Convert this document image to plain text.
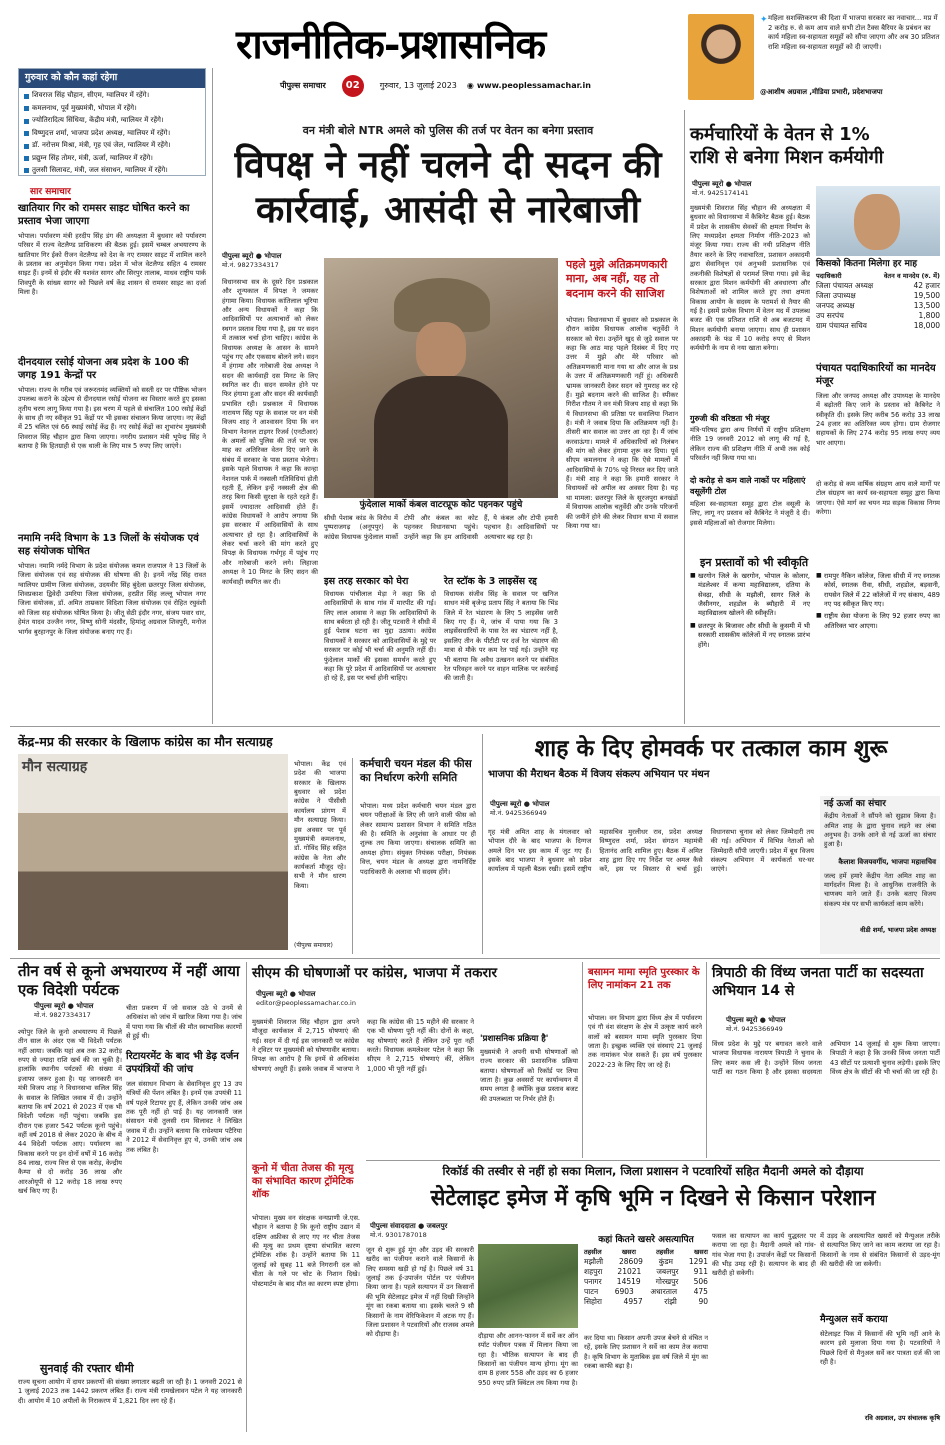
राजनीतिक-प्रशासनिक
पीपुल्स समाचार	02	गुरुवार, 13 जुलाई 2023 ◉ www.peoplessamachar.in
✦ महिला सशक्तिकरण की दिशा में भाजपा सरकार का नवाचार... मप्र में 2 करोड़ रु. से कम आय वाले सभी टोल टैक्स बैरियर के प्रबंधन का कार्य महिला स्व-सहायता समूहों को सौंपा जाएगा और अब 30 प्रतिशत राशि महिला स्व-सहायता समूहों को दी जाएगी।
@आशीष अग्रवाल ,मीडिया प्रभारी, प्रदेशभाजपा
गुरुवार को कौन कहां रहेगा
शिवराज सिंह चौहान, सीएम, ग्वालियर में रहेंगे।
कमलनाथ, पूर्व मुख्यमंत्री, भोपाल में रहेंगे।
ज्योतिरादित्य सिंधिया, केंद्रीय मंत्री, ग्वालियर में रहेंगे।
विष्णुदत्त शर्मा, भाजपा प्रदेश अध्यक्ष, ग्वालियर में रहेंगे।
डॉ. नरोत्तम मिश्रा, मंत्री, गृह एवं जेल, ग्वालियर में रहेंगे।
प्रद्युम्न सिंह तोमर, मंत्री, ऊर्जा, ग्वालियर में रहेंगे।
तुलसी सिलावट, मंत्री, जल संसाधन, ग्वालियर में रहेंगे।
सार समाचार
खातियार गिर को रामसर साइट घोषित करने का प्रस्ताव भेजा जाएगा
भोपाल। पर्यावरण मंत्री हरदीप सिंह डंग की अध्यक्षता में बुधवार को पर्यावरण परिसर में राज्य वेटलैण्ड प्राधिकरण की बैठक हुई। इसमें चम्बल अभयारण्य के खातियार गिर ईको रीजन वेटलैण्ड को देश के नए रामसर साइट में शामिल करने के प्रस्ताव का अनुमोदन किया गया। प्रदेश में भोज वेटलैण्ड सहित 4 रामसर साइट हैं। इनमें से इंदौर की यशवंत सागर और सिरपुर तालाब, माधव राष्ट्रीय पार्क शिवपुरी के सांख्य सागर को पिछले वर्ष केंद्र शासन से रामसर साइट का दर्जा मिला है।
दीनदयाल रसोई योजना अब प्रदेश के 100 की जगह 191 केन्द्रों पर
भोपाल। राज्य के गरीब एवं जरूरतमंद व्यक्तियों को सस्ती दर पर पौष्टिक भोजन उपलब्ध कराने के उद्देश्य से दीनदयाल रसोई योजना का विस्तार करते हुए इसका तृतीय चरण लागू किया गया है। इस चरण में पहले से संचालित 100 रसोई केंद्रों के साथ ही नए स्वीकृत 91 केंद्रों पर भी इसका संचालन किया जाएगा। नए केंद्रों में 25 चलित एवं 66 स्थाई रसोई केंद्र हैं। नए रसोई केंद्रों का शुभारंभ मुख्यमंत्री शिवराज सिंह चौहान द्वारा किया जाएगा। नगरीय प्रशासन मंत्री भूपेन्द्र सिंह ने बताया है कि हितग्राही से एक थाली के लिए मात्र 5 रुपए लिए जाएंगे।
नमामि नर्मदे विभाग के 13 जिलों के संयोजक एवं सह संयोजक घोषित
भोपाल। नमामि नर्मदे विभाग के प्रदेश संयोजक कमल राजपाल ने 13 जिलों के जिला संयोजक एवं सह संयोजक की घोषणा की है। इनमें नरेंद्र सिंह रावत ग्वालियर ग्रामीण जिला संयोजक, उदयवीर सिंह बुंदेला छतरपुर जिला संयोजक, शिवप्रकाश द्विवेदी उमरिया जिला संयोजक, हरप्रीत सिंह लल्लू भोपाल नगर जिला संयोजक, डॉ. अमित ताम्रकार विदिशा जिला संयोजक एवं रोहित रघुवंशी को जिला सह संयोजक घोषित किया है। जीतू सेठी इंदौर नगर, संजय पवार धार, हेमंत यादव उज्जैन नगर, विष्णु सोनी मंदसौर, हिमांशु अग्रवाल शिवपुरी, मनोज भार्गव बुरहानपुर के जिला संयोजक बनाए गए हैं।
वन मंत्री बोले NTR अमले को पुलिस की तर्ज पर वेतन का बनेगा प्रस्ताव
विपक्ष ने नहीं चलने दी सदन की
कार्रवाई, आसंदी से नारेबाजी
पीपुल्स ब्यूरो ● भोपाल
मो.नं. 9827334317
विधानसभा सत्र के दूसरे दिन प्रश्नकाल और शून्यकाल में विपक्ष ने जमकर हंगामा किया। विधायक कांतिलाल भूरिया और अन्य विधायकों ने कहा कि आदिवासियों पर अत्याचारों को लेकर स्थगन प्रस्ताव दिया गया है, इस पर सदन में तत्काल चर्चा होना चाहिए। कांग्रेस के विधायक अध्यक्ष के आसन के सामने पहुंच गए और एकसाथ बोलने लगे। सदन में हंगामा और नारेबाजी देख अध्यक्ष ने सदन की कार्यवाही दस मिनट के लिए स्थगित कर दी। सदन समवेत होने पर फिर हंगामा हुआ और सदन की कार्यवाही प्रभावित रही। प्रश्नकाल में विधायक नारायण सिंह पट्टा के सवाल पर वन मंत्री विजय शाह ने आश्वासन दिया कि वन विभाग नेशनल टाइगर रिजर्व (एनटीआर) के अमलों को पुलिस की तर्ज पर एक माह का अतिरिक्त वेतन दिए जाने के संबंध में सरकार के पास प्रस्ताव भेजेगा। इसके पहले विधायक ने कहा कि कान्हा नेशनल पार्क में नक्सली गतिविधियां होती रहती हैं, लेकिन इन्हें नक्सली क्षेत्र की तरह बिना किसी सुरक्षा के रहते रहते हैं। इसमें ज्यादातर आदिवासी होते हैं। कांग्रेस विधायकों ने आरोप लगाया कि इस सरकार में आदिवासियों के साथ अत्याचार हो रहा है। आदिवासियों के लेकर चर्चा करने की मांग करते हुए विपक्ष के विधायक गर्भगृह में पहुंच गए और नारेबाजी करने लगे। लिहाजा अध्यक्ष ने 10 मिनट के लिए सदन की कार्यवाही स्थगित कर दी।
फुंदेलाल मार्को कंबल वाटरप्रूफ कोट पहनकर पहुंचे
सीधी पेशाब कांड के विरोध में पुष्पराजगढ़ (अनूपपुर) के कांग्रेस विधायक फुंदेलाल मार्को टोपी और कंबल का कोट पहनकर विधानसभा पहुंचे। उन्होंने कहा कि हम आदिवासी हैं, ये कंबल और टोपी हमारी पहचान है। आदिवासियों पर अत्याचार बढ़ रहा है।
इस तरह सरकार को घेरा
विधायक पांचीलाल मेड़ा ने कहा कि दो आदिवासियों के साथ गांव में मारपीट की गई। लिए लाल आवास ने कहा कि आदिवासियों के साथ बर्बरता हो रही है। जीतू पटवारी ने सीधी में हुई पेशाब घटना का मुद्दा उठाया। कांग्रेस विधायकों ने सरकार को आदिवासियों के मुद्दे पर सरकार पर कोई भी चर्चा की अनुमति नहीं दी। फुंदेलाल मार्को की इसका समर्थन करते हुए कहा कि पूरे प्रदेश में आदिवासियों पर अत्याचार हो रहे हैं, इस पर चर्चा होनी चाहिए।
रेत स्टॉक के 3 लाइसेंस रद्द
विधायक संजीव सिंह के सवाल पर खनिज साधन मंत्री बृजेन्द्र प्रताप सिंह ने बताया कि भिंड जिले में रेत भंडारण के लिए 5 लाइसेंस जारी किए गए हैं। ये, जांच में पाया गया कि 3 लाइसेंसधारियों के पास रेत का भंडारण नहीं है, इसलिए तीन के पीटीटी पर दर्ज रेत भंडारण की मात्रा से मौके पर कम रेत पाई गई। उन्होंने यह भी बताया कि अवैध उत्खनन करने पर संबंधित रेत परिवहन करने पर वाहन मालिक पर कार्रवाई की जाती है।
पहले मुझे अतिक्रमणकारी माना, अब नहीं, यह तो बदनाम करने की साजिश
भोपाल। विधानसभा में बुधवार को प्रश्नकाल के दौरान कांग्रेस विधायक आलोक चतुर्वेदी ने सरकार को घेरा। उन्होंने खुद से जुड़े सवाल पर कहा कि आठ माह पहले दिसंबर में दिए गए उत्तर में मुझे और मेरे परिवार को अतिक्रमणकारी माना गया था और आज के प्रश्न के उत्तर में अतिक्रमणकारी नहीं हूं। अधिकारी भ्रामक जानकारी देकर सदन को गुमराह कर रहे हैं। मुझे बदनाम करने की साजिश है। स्पीकर गिरीश गौतम ने वन मंत्री विजय शाह से कहा कि ये विधानसभा की प्रतिष्ठा पर सवालिया निशान है। मंत्री ने जवाब दिया कि अतिक्रमण नहीं है। तीसरी बार सवाल का उत्तर आ रहा है। मैं जांच करवाऊंगा। मामले में अधिकारियों को निलंबन की मांग को लेकर हंगामा शुरू कर दिया। पूर्व सीएम कमलनाथ ने कहा कि ऐसे मामलों में आदिवासियों के 70% पट्टे निरस्त कर दिए जाते हैं। मंत्री शाह ने कहा कि हमारी सरकार ने विधायकों को अपील का अवसर दिया है। यह था मामला: छतरपुर जिले के सूरजपुरा बनखंडों में विधायक आलोक चतुर्वेदी और उनके परिजनों की जमीनें होने की लेकर विधान सभा में सवाल किया गया था।
कर्मचारियों के वेतन से 1%
राशि से बनेगा मिशन कर्मयोगी
पीपुल्स ब्यूरो ● भोपाल
मो.नं. 9425174141
मुख्यमंत्री शिवराज सिंह चौहान की अध्यक्षता में बुधवार को विधानसभा में कैबिनेट बैठक हुई। बैठक में प्रदेश के शासकीय सेवकों की क्षमता निर्माण के लिए मध्यप्रदेश क्षमता निर्माण नीति-2023 को मंजूर किया गया। राज्य की नयी प्रशिक्षण नीति तैयार करने के लिए नवाचारिता, प्रशासन अकादमी द्वारा सेवानिवृत्त एवं अनुभवी प्रशासनिक एवं तकनीकी विशेषज्ञों से परामर्श लिया गया। इसे केंद्र सरकार द्वारा मिशन कर्मयोगी की अवधारणा और विशेषताओं को शामिल करते हुए तथा क्षमता विकास आयोग के सदस्य के परामर्श से तैयार की गई है। इसमें प्रत्येक विभाग में वेतन मद में उपलब्ध बजट की एक प्रतिशत राशि से अब बजटमद में मिशन कर्मयोगी बनाया जाएगा। साथ ही प्रशासन अकादमी के फंड में 10 करोड़ रुपए से मिशन कर्मयोगी के नाम से नया खाता बनेगा।
गुरुजी की वरिष्ठता भी मंजूर
मंत्रि-परिषद द्वारा अन्य निर्णयों में राष्ट्रीय प्रशिक्षण नीति 19 जनवरी 2012 को लागू की गई है, लेकिन राज्य की प्रशिक्षण नीति में अभी तक कोई परिवर्तन नहीं किया गया था।
दो करोड़ से कम वाले नाकों पर महिलाएं वसूलेंगी टोल
महिला स्व-सहायता समूह द्वारा टोल वसूली के लिए, लागू नए प्रस्ताव को कैबिनेट ने मंजूरी दे दी। इससे महिलाओं को रोजगार मिलेगा।
किसको कितना मिलेगा हर माह
पदाधिकारी	वेतन व मानदेय (रु. में)
जिला पंचायत अध्यक्ष	42 हजार
जिला उपाध्यक्ष	19,500
जनपद अध्यक्ष	13,500
उप सरपंच	1,800
ग्राम पंचायत सचिव	18,000
पंचायत पदाधिकारियों का मानदेय मंजूर
जिला और जनपद अध्यक्ष और उपाध्यक्ष के मानदेय में बढ़ोतरी किए जाने के प्रस्ताव को कैबिनेट ने स्वीकृति दी। इसके लिए करीब 56 करोड़ 33 लाख 24 हजार का अतिरिक्त व्यय होगा। ग्राम रोजगार सहायकों के लिए 274 करोड़ 95 लाख रुपए व्यय भार आएगा।
दो करोड़ से कम वार्षिक संग्रहण आय वाले मार्गों पर टोल संग्रहण का कार्य स्व-सहायता समूह द्वारा किया जाएगा। ऐसे मार्ग का चयन मप्र सड़क विकास निगम करेगा।
इन प्रस्तावों को भी स्वीकृति
■ खरगोन जिले के खरगोन, भोपाल के कोलार, मंडलेश्वर में कन्या महाविद्यालय, दतिया के सेवढ़ा, सीधी के मझौली, सागर जिले के जैसीनगर, शहडोल के ब्यौहारी में नए महाविद्यालय खोलने की स्वीकृति।
■ छतरपुर के बिजावर और सीधी के कुसमी में भी सरकारी शासकीय कॉलेजों में नए स्नातक प्रारंभ होंगे।
■ रामपुर नैकिन कॉलेज, जिला सीधी में नए स्नातक कोर्स, स्नातक रीवा, सीधी, शहडोल, बड़वानी, रायसेन जिले में 22 कॉलेजों में नए संकाय, 489 नए पद स्वीकृत किए गए।
■ राष्ट्रीय सेवा योजना के लिए 92 हजार रुपए का अतिरिक्त भार आएगा।
केंद्र-मप्र की सरकार के खिलाफ कांग्रेस का मौन सत्याग्रह
मौन सत्याग्रह	भोपाल। केंद्र एवं प्रदेश की भाजपा सरकार के खिलाफ बुधवार को प्रदेश कांग्रेस ने पीसीसी कार्यालय प्रांगण में मौन सत्याग्रह किया। इस अवसर पर पूर्व मुख्यमंत्री कमलनाथ, डॉ. गोविंद सिंह सहित कांग्रेस के नेता और कार्यकर्ता मौजूद रहे। सभी ने मौन धारण किया।
(पीपुल्स समाचार)
कर्मचारी चयन मंडल की फीस का निर्धारण करेगी समिति
भोपाल। मध्य प्रदेश कर्मचारी चयन मंडल द्वारा चयन परीक्षाओं के लिए ली जाने वाली फीस को लेकर सामान्य प्रशासन विभाग ने समिति गठित की है। समिति के अनुशंसा के आधार पर ही शुल्क तय किया जाएगा। संचालक समिति का अध्यक्ष होगा। संयुक्त नियंत्रक परीक्षा, नियंत्रक वित्त, चयन मंडल के अध्यक्ष द्वारा नामनिर्दिष्ट पदाधिकारी के अलावा भी सदस्य होंगे।
शाह के दिए होमवर्क पर तत्काल काम शुरू
भाजपा की मैराथन बैठक में विजय संकल्प अभियान पर मंथन
पीपुल्स ब्यूरो ● भोपाल
मो.नं. 9425366949
गृह मंत्री अमित शाह के मंगलवार को भोपाल दौरे के बाद भाजपा के दिग्गज अमले दिन भर इस काम में जुट गए हैं। इसके बाद भाजपा ने बुधवार को प्रदेश कार्यालय में पहली बैठक रखी। इसमें राष्ट्रीय महासचिव मुरलीधर राव, प्रदेश अध्यक्ष विष्णुदत्त शर्मा, प्रदेश संगठन महामंत्री हितानंद आदि शामिल हुए। बैठक में अमित शाह द्वारा दिए गए निर्देश पर अमल कैसे करें, इस पर विस्तार से चर्चा हुई। विधानसभा चुनाव को लेकर जिम्मेदारी तय की गई। अभियान में विभिन्न नेताओं को जिम्मेदारी सौंपी जाएगी। प्रदेश में बूथ विजय संकल्प अभियान में कार्यकर्ता घर-घर जाएंगे।
नई ऊर्जा का संचार
केंद्रीय नेताओं ने सौंपने को सुझाव किया है। अमित शाह के द्वारा चुनाव लड़ने का लंबा अनुभव है। उनके आने से नई ऊर्जा का संचार हुआ है।
कैलाश विजयवर्गीय, भाजपा महासचिव
जल्द हमें हमारे केंद्रीय नेता अमित शाह का मार्गदर्शन मिला है। वे आधुनिक राजनीति के चाणक्य माने जाते हैं। उनके बताए विजय संकल्प मंत्र पर सभी कार्यकर्ता काम करेंगे।
वीडी शर्मा, भाजपा प्रदेश अध्यक्ष
तीन वर्ष से कूनो अभयारण्य में नहीं आया एक विदेशी पर्यटक
पीपुल्स ब्यूरो ● भोपाल
मो.नं. 9827334317
श्योपुर जिले के कूनो अभयारण्य में पिछले तीन साल के अंदर एक भी विदेशी पर्यटक नहीं आया। जबकि यहां अब तक 32 करोड़ रुपए से ज्यादा राशि खर्च की जा चुकी है। हालांकि स्थानीय पर्यटकों की संख्या में इजाफा जरूर हुआ है। यह जानकारी वन मंत्री विजय शाह ने विधानसभा सलिल सिंह के सवाल के लिखित जवाब में दी। उन्होंने बताया कि वर्ष 2021 से 2023 में एक भी विदेशी पर्यटक नहीं पहुंचा। जबकि इस दौरान एक हजार 542 पर्यटक कूनो पहुंचे। वहीं वर्ष 2018 से लेकर 2020 के बीच में 44 विदेशी पर्यटक आए। पर्यावरण का विकास करने पर इन दोनों वर्षों में 16 करोड़ 84 लाख, राज्य वित्त से एक करोड़, केन्द्रीय कैम्पा से दो करोड़ 36 लाख और आरओयूपी से 12 करोड़ 18 लाख रुपए खर्च किए गए हैं।
चीता प्रकरण में जो सवाल उठे थे उनमें से अधिकांश को जांच में खारिज किया गया है। जांच में पाया गया कि चीतों की मौत स्वाभाविक कारणों से हुई थी।
रिटायरमेंट के बाद भी डेढ़ दर्जन उपयंत्रियों की जांच
जल संसाधन विभाग के सेवानिवृत्त हुए 13 उप यंत्रियों की पेंशन लंबित है। इनमें एक उपयंत्री 11 वर्ष पहले रिटायर हुए हैं, लेकिन उनकी जांच अब तक पूरी नहीं हो पाई है। यह जानकारी जल संसाधन मंत्री तुलसी राम सिलावट ने लिखित जवाब में दी। उन्होंने बताया कि राधेश्याम पटैरिया ने 2012 में सेवानिवृत्त हुए थे, उनकी जांच अब तक लंबित है।
सुनवाई की रफ्तार धीमी
राज्य सूचना आयोग में दायर प्रकरणों की संख्या लगातार बढ़ती जा रही है। 1 जनवरी 2021 से 1 जुलाई 2023 तक 1442 प्रकरण लंबित हैं। राज्य मंत्री रामखेलावन पटेल ने यह जानकारी दी। आयोग में 10 अपीलों के निराकरण में 1,821 दिन लग रहे हैं।
सीएम की घोषणाओं पर कांग्रेस, भाजपा में तकरार
पीपुल्स ब्यूरो ● भोपाल
editor@peoplessamachar.co.in
मुख्यमंत्री शिवराज सिंह चौहान द्वारा अपने मौजूदा कार्यकाल में 2,715 घोषणाएं की गई। सदन में दी गई इस जानकारी पर कांग्रेस ने ट्विटर पर मुख्यमंत्री को घोषणावीर बताया। विपक्ष का आरोप है कि इनमें से अधिकांश घोषणाएं अधूरी हैं। इसके जवाब में भाजपा ने कहा कि कांग्रेस की 15 महीने की सरकार ने एक भी घोषणा पूरी नहीं की। दोनों के कहा, यह घोषणाएं करते हैं लेकिन उन्हें पूरा नहीं करते। विधायक कमलेश्वर पटेल ने कहा कि सीएम ने 2,715 घोषणाएं कीं, लेकिन 1,000 भी पूरी नहीं हुईं।
कूनो में चीता तेजस की मृत्यु का संभावित कारण ट्रॉमेटिक शॉक
भोपाल। मुख्य वन संरक्षक वन्यप्राणी जे.एस. चौहान ने बताया है कि कूनो राष्ट्रीय उद्यान में दक्षिण अफ्रीका से लाए गए नर चीता तेजस की मृत्यु का प्रथम दृष्टया संभावित कारण ट्रॉमेटिक शॉक है। उन्होंने बताया कि 11 जुलाई को सुबह 11 बजे निगरानी दल को चीता के गले पर चोट के निशान दिखे। पोस्टमार्टम के बाद मौत का कारण स्पष्ट होगा।
'प्रशासनिक प्रक्रिया है'
मुख्यमंत्री ने अपनी सभी घोषणाओं को राज्य सरकार की प्रशासनिक प्रक्रिया बताया। घोषणाओं को रिकॉर्ड पर लिया जाता है। कुछ अवसरों पर कार्यान्वयन में समय लगता है क्योंकि कुछ प्रस्ताव बजट की उपलब्धता पर निर्भर होते हैं।
बसामन मामा स्मृति पुरस्कार के लिए नामांकन 21 तक
भोपाल। वन विभाग द्वारा विंध्य क्षेत्र में पर्यावरण एवं गौ वंश संरक्षण के क्षेत्र में उत्कृष्ट कार्य करने वालों को बसामन मामा स्मृति पुरस्कार दिया जाता है। इच्छुक व्यक्ति एवं संस्थाएं 21 जुलाई तक नामांकन भेज सकते हैं। इस वर्ष पुरस्कार 2022-23 के लिए दिए जा रहे हैं।
त्रिपाठी की विंध्य जनता पार्टी का सदस्यता अभियान 14 से
पीपुल्स ब्यूरो ● भोपाल
मो.नं. 9425366949
विंध्य प्रदेश के मुद्दे पर बगावत करने वाले भाजपा विधायक नारायण त्रिपाठी ने चुनाव के लिए कमर कस ली है। उन्होंने विंध्य जनता पार्टी का गठन किया है और इसका सदस्यता अभियान 14 जुलाई से शुरू किया जाएगा। त्रिपाठी ने कहा है कि उनकी विंध्य जनता पार्टी 43 सीटों पर प्रत्याशी चुनाव लड़ेगी। इसके लिए विंध्य क्षेत्र के सीटों की भी चर्चा की जा रही है।
रिकॉर्ड की तस्वीर से नहीं हो सका मिलान, जिला प्रशासन ने पटवारियों सहित मैदानी अमले को दौड़ाया
सेटेलाइट इमेज में कृषि भूमि न दिखने से किसान परेशान
पीपुल्स संवाददाता ● जबलपुर
मो.नं. 9301787018
जून से शुरू हुई मूंग और उड़द की सरकारी खरीद का पंजीयन कराने वाले किसानों के लिए समस्या खड़ी हो गई है। पिछले वर्ष 31 जुलाई तक ई-उपार्जन पोर्टल पर पंजीयन किया जाना है। पहले सत्यापन में उन किसानों की भूमि सेटेलाइट इमेज में नहीं दिखी जिन्होंने मूंग का रकबा बताया था। इसके चलते 9 सौ किसानों के नाम वेरिफिकेशन में अटक गए हैं। जिला प्रशासन ने पटवारियों और राजस्व अमले को दौड़ाया है।	दौड़ाया और आनन-फानन में सर्वे कर ऑन स्पॉट पंजीयन पत्रक में मिलान किया जा रहा है। भौतिक सत्यापन के बाद ही किसानों का पंजीयन मान्य होगा। मूंग का दाम 8 हजार 558 और उड़द का 6 हजार 950 रुपए प्रति क्विंटल तय किया गया है।
कहां कितने खसरे असत्यापित
तहसील	खसरा	तहसील	खसरा
मझौली 28609 कुंडम 1291
शहपुरा 21021 जबलपुर 911
पनागर 14519 गोरखपुर 506
पाटन 6903 अधारताल 475
सिहोरा	4957	रांझी	90
कर दिया था। किसान अपनी उपज बेचने से वंचित न रहें, इसके लिए प्रशासन ने सर्वे का काम तेज कराया है। कृषि विभाग के मुताबिक इस वर्ष जिले में मूंग का रकबा काफी बढ़ा है।
फसल का सत्यापन का कार्य युद्धस्तर पर कराया जा रहा है। मैदानी अमले को गांव-गांव भेजा गया है। उपार्जन केंद्रों पर किसानों की भीड़ उमड़ रही है। सत्यापन के बाद ही खरीदी हो सकेगी।
में उड़द के असत्यापित खसरों को मैन्युअल तरीके से सत्यापित किए जाने का काम कराया जा रहा है। किसानों के नाम से संबंधित किसानों से उड़द-मूंग की खरीदी की जा सकेगी।
मैन्युअल सर्वे कराया
सेटेलाइट पिक में किसानों की भूमि नहीं आने के कारण इसे मुलाजा दिया गया है। पटवारियों ने पिछले दिनों से मैनुअल सर्वे कर पात्रता दर्ज की जा रही है।
रवि अग्रवाल, उप संचालक कृषि
